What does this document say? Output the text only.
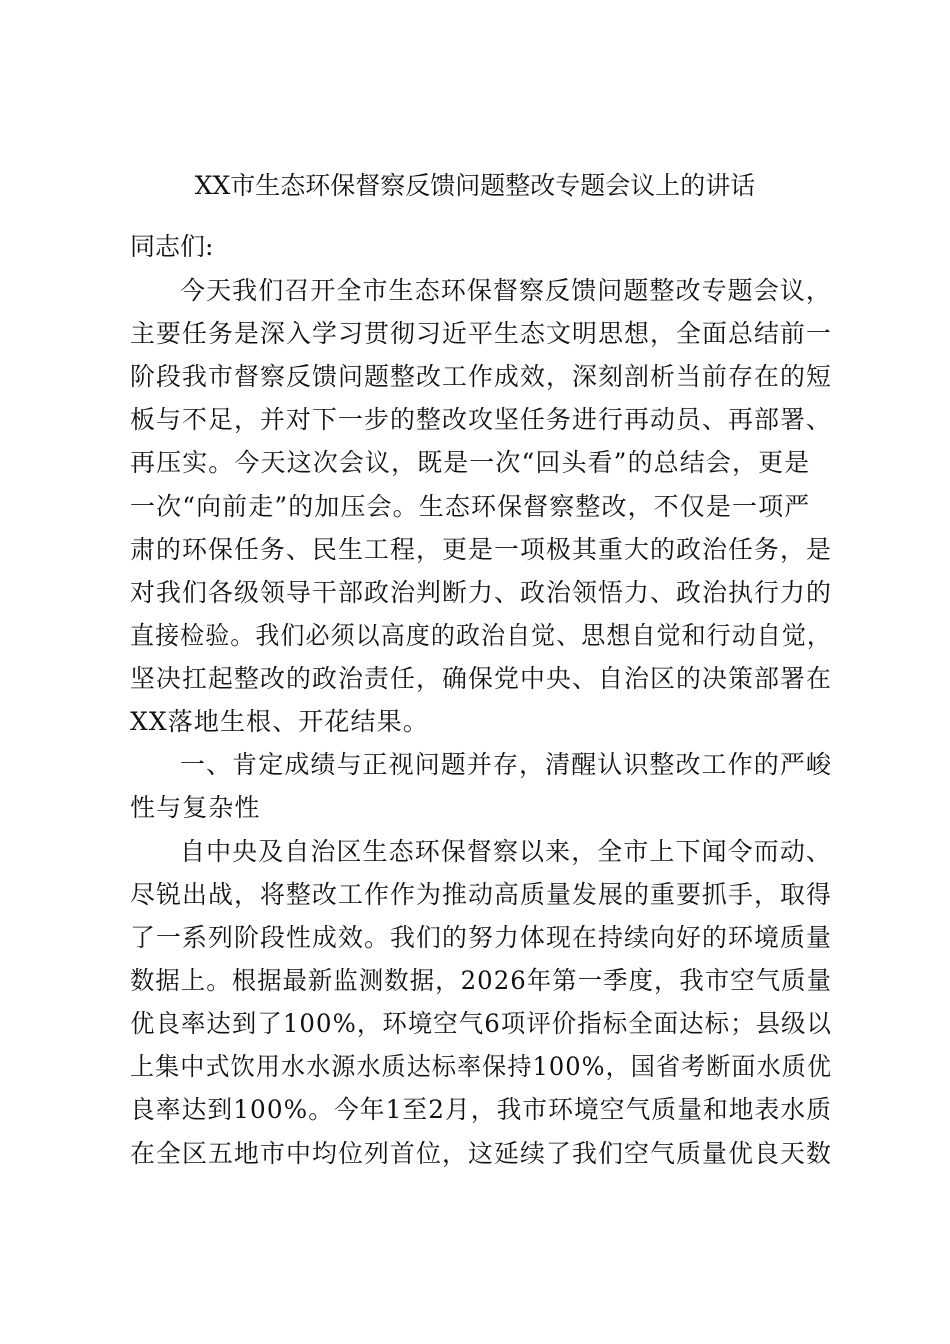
XX市生态环保督察反馈问题整改专题会议上的讲话
同志们:
今天我们召开全市生态环保督察反馈问题整改专题会议，
主要任务是深入学习贯彻习近平生态文明思想，全面总结前一
阶段我市督察反馈问题整改工作成效，深刻剖析当前存在的短
板与不足，并对下一步的整改攻坚任务进行再动员、再部署、
再压实。今天这次会议，既是一次“回头看”的总结会，更是
一次“向前走”的加压会。生态环保督察整改，不仅是一项严
肃的环保任务、民生工程，更是一项极其重大的政治任务，是
对我们各级领导干部政治判断力、政治领悟力、政治执行力的
直接检验。我们必须以高度的政治自觉、思想自觉和行动自觉，
坚决扛起整改的政治责任，确保党中央、自治区的决策部署在
XX落地生根、开花结果。
一、肯定成绩与正视问题并存，清醒认识整改工作的严峻
性与复杂性
自中央及自治区生态环保督察以来，全市上下闻令而动、
尽锐出战，将整改工作作为推动高质量发展的重要抓手，取得
了一系列阶段性成效。我们的努力体现在持续向好的环境质量
数据上。根据最新监测数据，2026年第一季度，我市空气质量
优良率达到了100%，环境空气6项评价指标全面达标；县级以
上集中式饮用水水源水质达标率保持100%，国省考断面水质优
良率达到100%。今年1至2月，我市环境空气质量和地表水质
在全区五地市中均位列首位，这延续了我们空气质量优良天数
